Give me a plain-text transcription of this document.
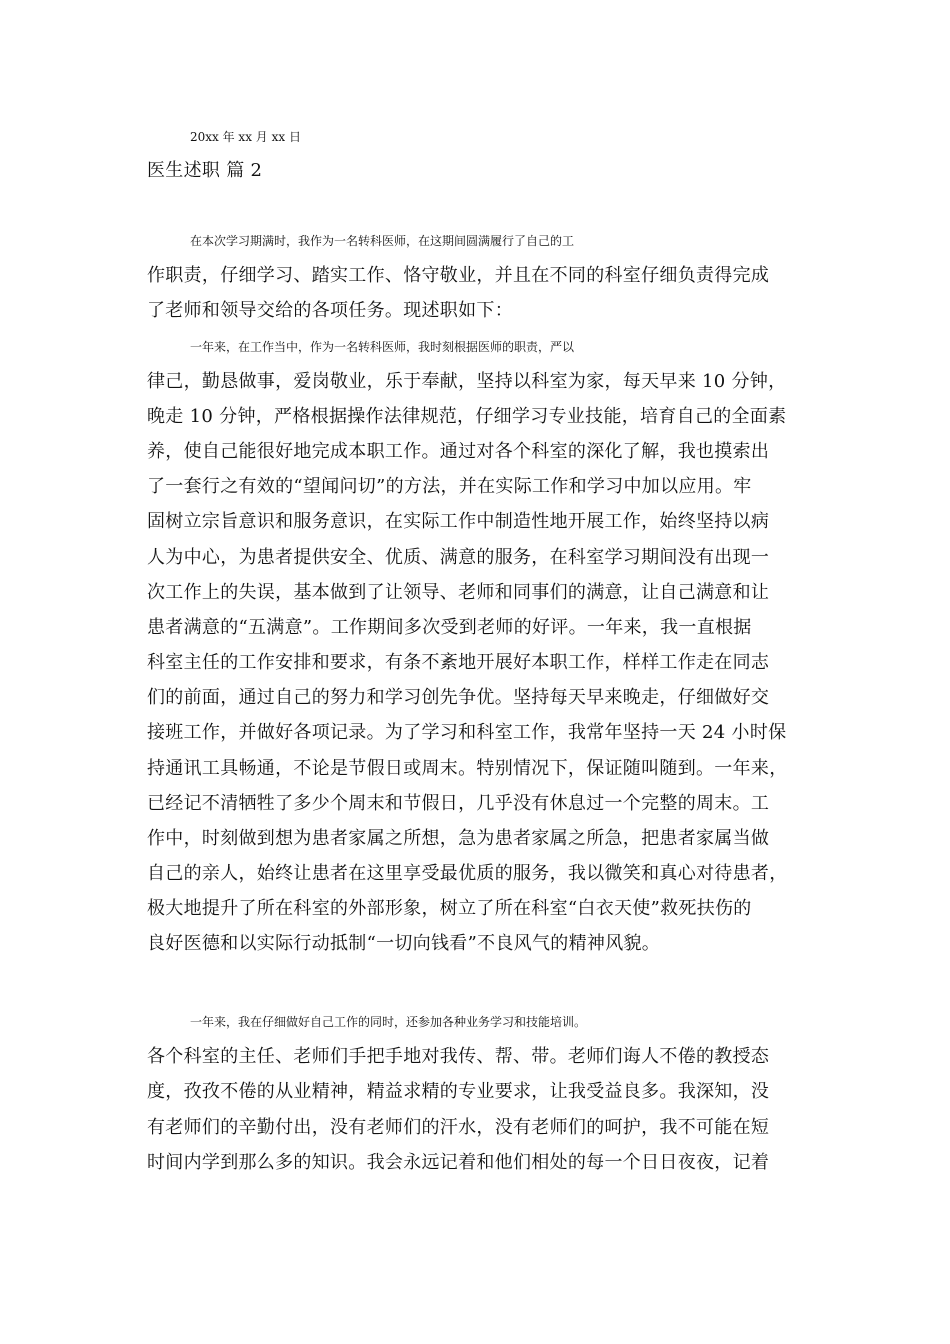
20xx 年 xx 月 xx 日
医生述职 篇 2
在本次学习期满时，我作为一名转科医师，在这期间圆满履行了自己的工
作职责，仔细学习、踏实工作、恪守敬业，并且在不同的科室仔细负责得完成
了老师和领导交给的各项任务。现述职如下：
一年来，在工作当中，作为一名转科医师，我时刻根据医师的职责，严以
律己，勤恳做事，爱岗敬业，乐于奉献，坚持以科室为家，每天早来 10 分钟，
晚走 10 分钟，严格根据操作法律规范，仔细学习专业技能，培育自己的全面素
养，使自己能很好地完成本职工作。通过对各个科室的深化了解，我也摸索出
了一套行之有效的“望闻问切”的方法，并在实际工作和学习中加以应用。牢
固树立宗旨意识和服务意识，在实际工作中制造性地开展工作，始终坚持以病
人为中心，为患者提供安全、优质、满意的服务，在科室学习期间没有出现一
次工作上的失误，基本做到了让领导、老师和同事们的满意，让自己满意和让
患者满意的“五满意”。工作期间多次受到老师的好评。一年来，我一直根据
科室主任的工作安排和要求，有条不紊地开展好本职工作，样样工作走在同志
们的前面，通过自己的努力和学习创先争优。坚持每天早来晚走，仔细做好交
接班工作，并做好各项记录。为了学习和科室工作，我常年坚持一天 24 小时保
持通讯工具畅通，不论是节假日或周末。特别情况下，保证随叫随到。一年来，
已经记不清牺牲了多少个周末和节假日，几乎没有休息过一个完整的周末。工
作中，时刻做到想为患者家属之所想，急为患者家属之所急，把患者家属当做
自己的亲人，始终让患者在这里享受最优质的服务，我以微笑和真心对待患者，
极大地提升了所在科室的外部形象，树立了所在科室“白衣天使”救死扶伤的
良好医德和以实际行动抵制“一切向钱看”不良风气的精神风貌。
一年来，我在仔细做好自己工作的同时，还参加各种业务学习和技能培训。
各个科室的主任、老师们手把手地对我传、帮、带。老师们诲人不倦的教授态
度，孜孜不倦的从业精神，精益求精的专业要求，让我受益良多。我深知，没
有老师们的辛勤付出，没有老师们的汗水，没有老师们的呵护，我不可能在短
时间内学到那么多的知识。我会永远记着和他们相处的每一个日日夜夜，记着
